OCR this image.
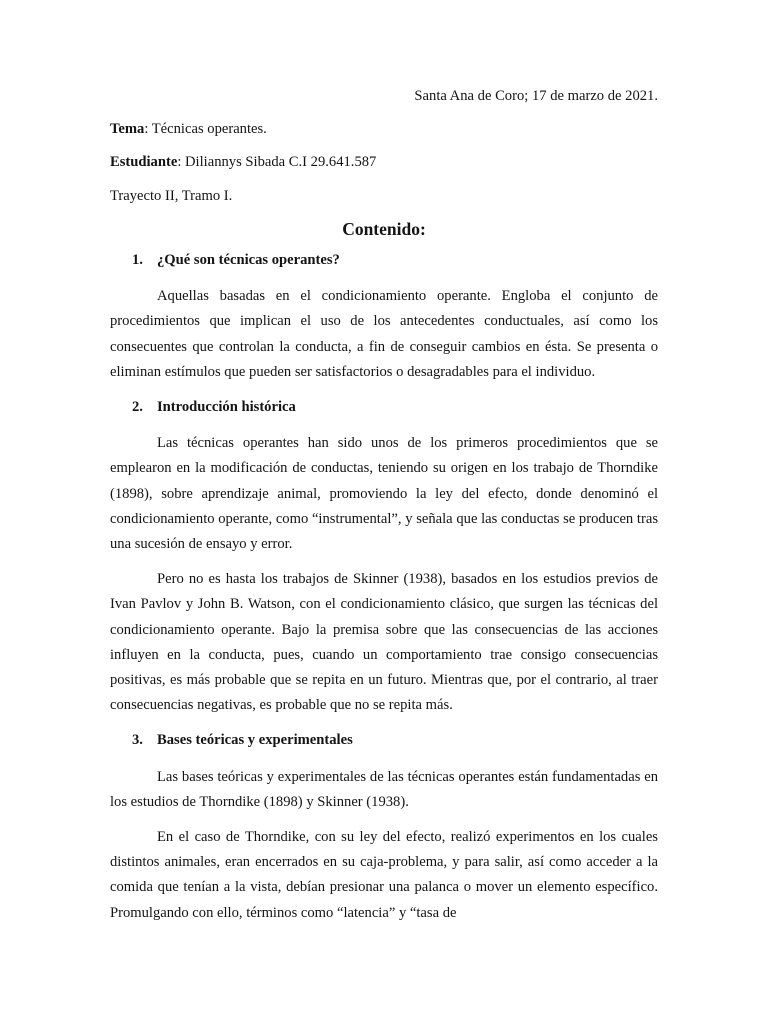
Santa Ana de Coro; 17 de marzo de 2021.

Tema: Técnicas operantes.

Estudiante: Diliannys Sibada C.I 29.641.587

Trayecto II, Tramo I.

Contenido:
1. ¿Qué son técnicas operantes?

Aquellas basadas en el condicionamiento operante. Engloba el conjunto de procedimientos que implican el uso de los antecedentes conductuales, así como los consecuentes que controlan la conducta, a fin de conseguir cambios en ésta. Se presenta o eliminan estímulos que pueden ser satisfactorios o desagradables para el individuo.

2. Introducción histórica

Las técnicas operantes han sido unos de los primeros procedimientos que se emplearon en la modificación de conductas, teniendo su origen en los trabajo de Thorndike (1898), sobre aprendizaje animal, promoviendo la ley del efecto, donde denominó el condicionamiento operante, como “instrumental”, y señala que las conductas se producen tras una sucesión de ensayo y error.

Pero no es hasta los trabajos de Skinner (1938), basados en los estudios previos de Ivan Pavlov y John B. Watson, con el condicionamiento clásico, que surgen las técnicas del condicionamiento operante. Bajo la premisa sobre que las consecuencias de las acciones influyen en la conducta, pues, cuando un comportamiento trae consigo consecuencias positivas, es más probable que se repita en un futuro. Mientras que, por el contrario, al traer consecuencias negativas, es probable que no se repita más.

3. Bases teóricas y experimentales

Las bases teóricas y experimentales de las técnicas operantes están fundamentadas en los estudios de Thorndike (1898) y Skinner (1938).

En el caso de Thorndike, con su ley del efecto, realizó experimentos en los cuales distintos animales, eran encerrados en su caja-problema, y para salir, así como acceder a la comida que tenían a la vista, debían presionar una palanca o mover un elemento específico. Promulgando con ello, términos como “latencia” y “tasa de
